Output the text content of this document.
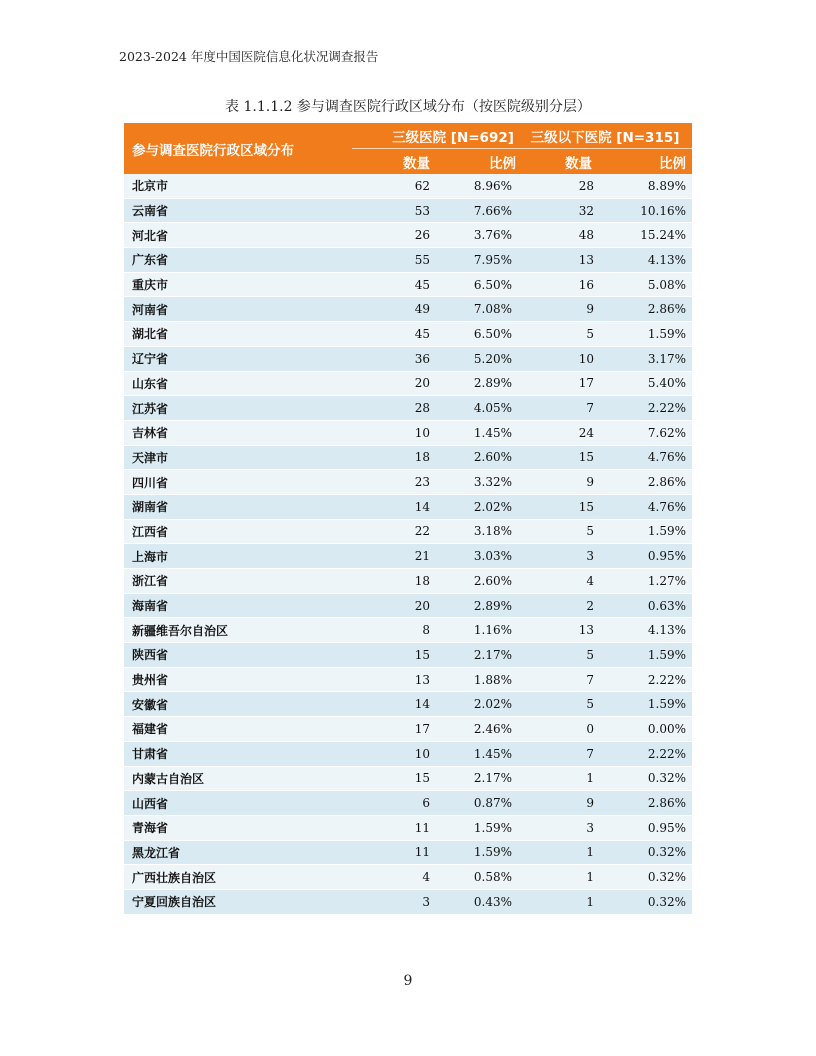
2023-2024 年度中国医院信息化状况调查报告
表 1.1.1.2 参与调查医院行政区域分布（按医院级别分层）
参与调查医院行政区域分布	三级医院 [N=692]		三级以下医院 [N=315]	
	数量	比例	数量	比例
北京市	62	8.96%	28	8.89%
云南省	53	7.66%	32	10.16%
河北省	26	3.76%	48	15.24%
广东省	55	7.95%	13	4.13%
重庆市	45	6.50%	16	5.08%
河南省	49	7.08%	9	2.86%
湖北省	45	6.50%	5	1.59%
辽宁省	36	5.20%	10	3.17%
山东省	20	2.89%	17	5.40%
江苏省	28	4.05%	7	2.22%
吉林省	10	1.45%	24	7.62%
天津市	18	2.60%	15	4.76%
四川省	23	3.32%	9	2.86%
湖南省	14	2.02%	15	4.76%
江西省	22	3.18%	5	1.59%
上海市	21	3.03%	3	0.95%
浙江省	18	2.60%	4	1.27%
海南省	20	2.89%	2	0.63%
新疆维吾尔自治区	8	1.16%	13	4.13%
陕西省	15	2.17%	5	1.59%
贵州省	13	1.88%	7	2.22%
安徽省	14	2.02%	5	1.59%
福建省	17	2.46%	0	0.00%
甘肃省	10	1.45%	7	2.22%
内蒙古自治区	15	2.17%	1	0.32%
山西省	6	0.87%	9	2.86%
青海省	11	1.59%	3	0.95%
黑龙江省	11	1.59%	1	0.32%
广西壮族自治区	4	0.58%	1	0.32%
宁夏回族自治区	3	0.43%	1	0.32%
9
